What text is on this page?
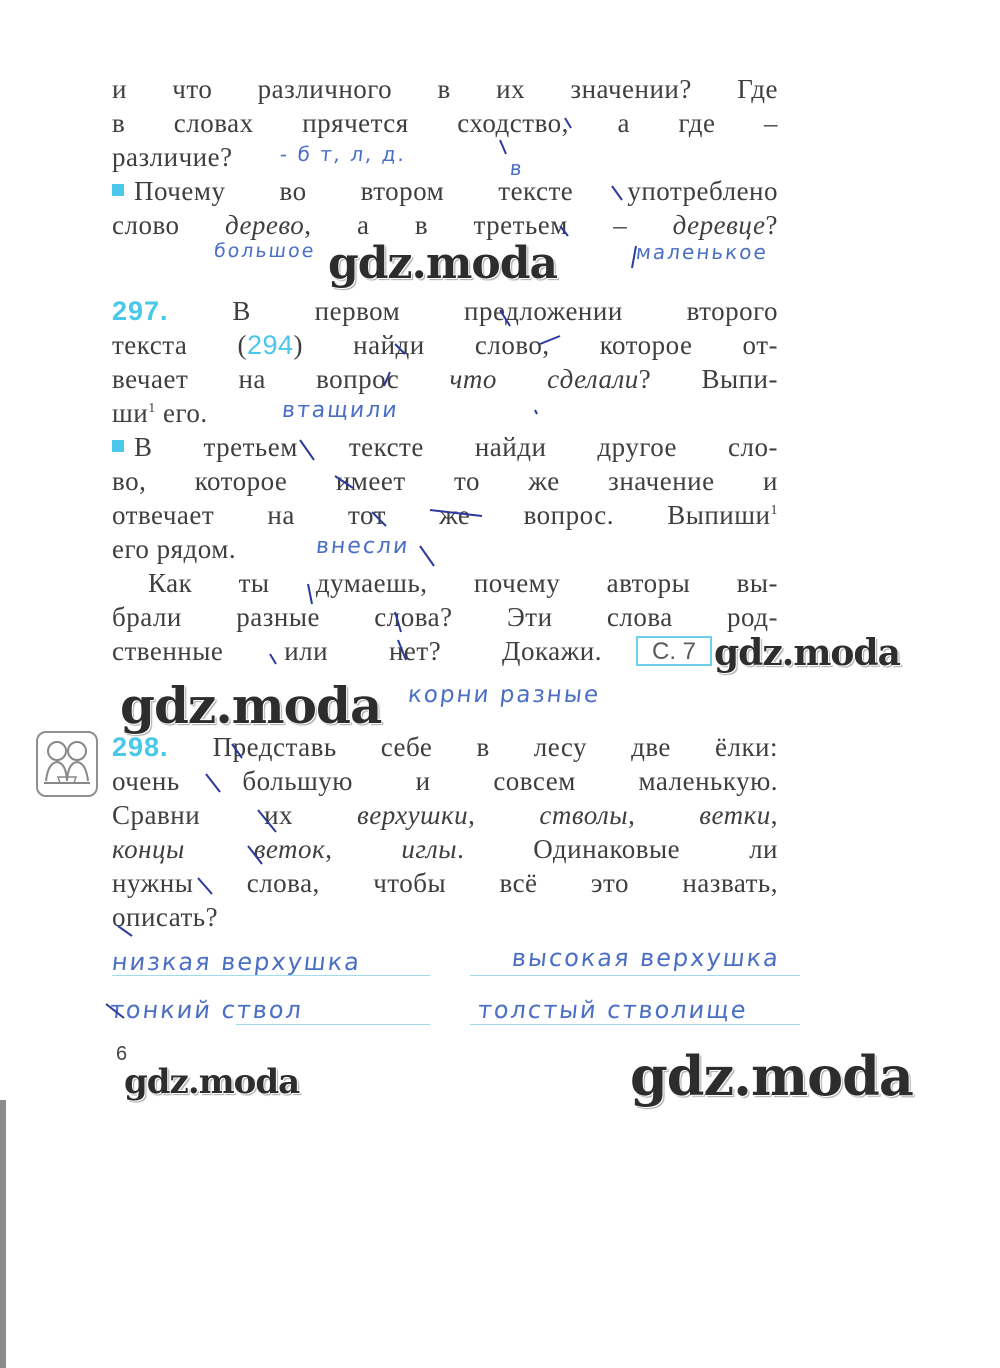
и что различного в их значении? Где
в словах прячется сходство, а где –
различие?
Почему во втором тексте употреблено
слово дерево, а в третьем – деревце?
297. В первом предложении второго
текста (294) найди слово, которое от-
вечает на вопрос что сделали? Выпи-
$ши^1$ его.
В третьем тексте найди другое сло-
во, которое имеет то же значение и
отвечает на тот же вопрос. Выпиши$^1$
его рядом.
Как ты думаешь, почему авторы вы-
брали разные слова? Эти слова род-
ственные или нет? Докажи.	С. 7
298. Представь себе в лесу две ёлки:
очень большую и совсем маленькую.
Сравни их верхушки, стволы, ветки,
концы веток, иглы. Одинаковые ли
нужны слова, чтобы всё это назвать,
описать?
- б т, л, д.
в
большое	маленькое
втащили
внесли
корни разные
низкая верхушка	высокая верхушка
тонкий ствол	толстый стволище
gdz.moda
gdz.moda
gdz.moda
gdz.moda	gdz.moda
6
